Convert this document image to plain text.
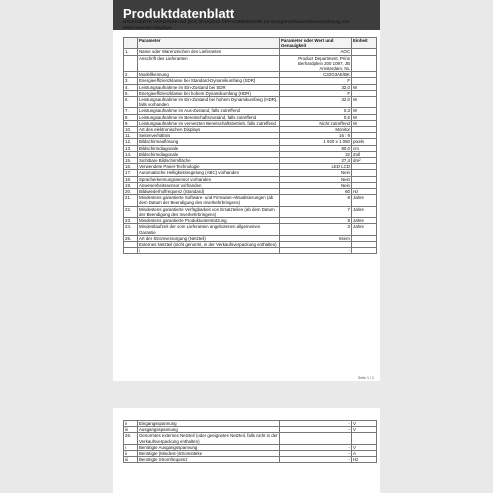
Produktdatenblatt
DELEGIERTE VERORDNUNG (EU) 2019/2013 DER KOMMISSION zur Energieverbrauchskennzeichnung von elektronischen Displays
	Parameter	Parameter oder Wert und Genauigkeit	Einheit
1.	Name oder Warenzeichen des Lieferanten	AOC	
	Anschrift des Lieferanten	Product Department, Prins Berhardplein 200 1097, JB Amsterdam, NL	
2.	Modellkennung	C32G3AE/BK	
3.	Energieeffizienzklasse bei Standard-Dynamikumfang (SDR)	F	
4.	Leistungsaufnahme im Ein-Zustand bei SDR	32,0	W
5.	Energieeffizienzklasse bei hohem Dynamikumfang (HDR)	F	
6.	Leistungsaufnahme im Ein-Zustand bei hohem Dynamikumfang (HDR), falls vorhanden	32,0	W
7.	Leistungsaufnahme im Aus-Zustand, falls zutreffend	0,3	W
8.	Leistungsaufnahme im Bereitschaftszustand, falls zutreffend	0,5	W
9.	Leistungsaufnahme im vernetzten Bereitschaftsbetrieb, falls zutreffend	Nicht zutreffend	W
10.	Art des elektronischen Displays	Monitor	
11.	Seitenverhältnis	16 : 9	
12.	Bildschirmauflösung	1 920 x 1 080	pixels
13.	Bildschirmdiagonale	80,0	cm
14.	Bildschirmdiagonale	32	Zoll
15.	Sichtbare Bildschirmfläche	27,4	dm²
16.	Verwendete Panel-Technologie	LED LCD	
17.	Automatische Helligkeitsregelung (ABC) vorhanden	Nein	
18.	Spracherkennungssensor vorhanden	Nein	
19.	Anwesenheitssensor vorhanden	Nein	
20.	Bildwiederholfrequenz (Standard)	60	Hz
21.	Mindestens garantierte Software- und Firmware-Aktualisierungen (ab dem Datum der Beendigung des Inverkehrbringens)	8	Jahre
22.	Mindestens garantierte Verfügbarkeit von Ersatzteilen (ab dem Datum der Beendigung des Inverkehrbringens)	7	Jahre
23.	Mindestens garantierte Produktunterstützung	8	Jahre
24.	Mindestlaufzeit der vom Lieferanten angebotenen allgemeinen Garantie	3	Jahre
25.	Art der Stromversorgung (Netzteil)	Intern	
	Externes Netzteil (nicht genormt, in der Verkaufsverpackung enthalten)		
	i	-	
Seite 1 / 2
ii	Eingangsspannung	-	V
iii	Ausgangsspannung	-	V
26.	Genormtes externes Netzteil (oder geeignetes Netzteil, falls nicht in der Verkaufsverpackung enthalten)		
i	Benötigte Ausgangsspannung	-	V
ii	Benötigte (Mindest-)Stromstärke	-	A
iii	Benötigte Stromfrequenz	-	Hz
